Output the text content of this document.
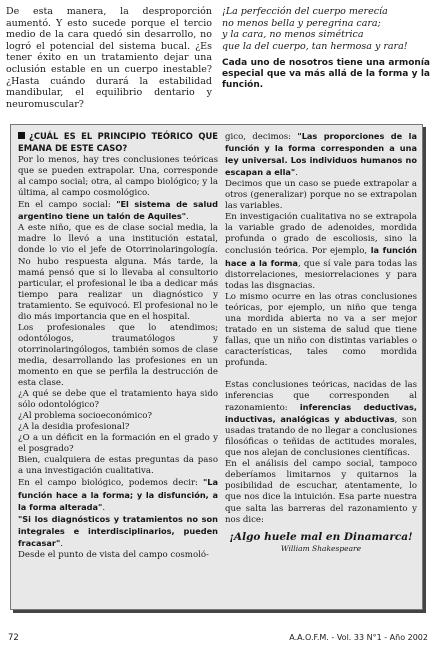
De esta manera, la desproporción aumentó. Y esto sucede porque el tercio medio de la cara quedó sin desarrollo, no logró el potencial del sistema bucal. ¿Es tener éxito en un tratamiento dejar una oclusión estable en un cuerpo inestable? ¿Hasta cuándo durará la estabilidad mandibular, el equilibrio dentario y neuromuscular?

¡La perfección del cuerpo merecía

no menos bella y peregrina cara;

y la cara, no menos simétrica

que la del cuerpo, tan hermosa y rara!

Cada uno de nosotros tiene una armonía especial que va más allá de la forma y la función.

¿CUÁL ES EL PRINCIPIO TEÓRICO QUE EMANA DE ESTE CASO?

Por lo menos, hay tres conclusiones teóricas que se pueden extrapolar. Una, corresponde al campo social; otra, al campo biológico; y la última, al campo cosmológico.

En el campo social: "El sistema de salud argentino tiene un talón de Aquiles".

A este niño, que es de clase social media, la madre lo llevó a una institución estatal, donde lo vio el jefe de Otorrinolaringología. No hubo respuesta alguna. Más tarde, la mamá pensó que si lo llevaba al consultorio particular, el profesional le iba a dedicar más tiempo para realizar un diagnóstico y tratamiento. Se equivocó. El profesional no le dio más importancia que en el hospital.

Los profesionales que lo atendimos; odontólogos, traumatólogos y otorrinolaringólogos, también somos de clase media, desarrollando las profesiones en un momento en que se perfila la destrucción de esta clase.

¿A qué se debe que el tratamiento haya sido sólo odontológico?

¿Al problema socioeconómico?

¿A la desidia profesional?

¿O a un déficit en la formación en el grado y el posgrado?

Bien, cualquiera de estas preguntas da paso a una investigación cualitativa.

En el campo biológico, podemos decir: "La función hace a la forma; y la disfunción, a la forma alterada".

"Si los diagnósticos y tratamientos no son integrales e interdisciplinarios, pueden fracasar".

Desde el punto de vista del campo cosmoló-

gico, decimos: "Las proporciones de la función y la forma corresponden a una ley universal. Los individuos humanos no escapan a ella".

Decimos que un caso se puede extrapolar a otros (generalizar) porque no se extrapolan las variables.

En investigación cualitativa no se extrapola la variable grado de adenoides, mordida profunda o grado de escoliosis, sino la conclusión teórica. Por ejemplo, la función hace a la forma, que sí vale para todas las distorrelaciones, mesiorrelaciones y para todas las disgnacias.

Lo mismo ocurre en las otras conclusiones teóricas, por ejemplo, un niño que tenga una mordida abierta no va a ser mejor tratado en un sistema de salud que tiene fallas, que un niño con distintas variables o características, tales como mordida profunda.

Estas conclusiones teóricas, nacidas de las inferencias que corresponden al razonamiento: inferencias deductivas, inductivas, analógicas y abductivas, son usadas tratando de no llegar a conclusiones filosóficas o teñidas de actitudes morales, que nos alejan de conclusiones científicas.

En el análisis del campo social, tampoco deberíamos limitarnos y quitarnos la posibilidad de escuchar, atentamente, lo que nos dice la intuición. Esa parte nuestra que salta las barreras del razonamiento y nos dice:

¡Algo huele mal en Dinamarca!

William Shakespeare

72	A.A.O.F.M. - Vol. 33 N°1 - Año 2002
